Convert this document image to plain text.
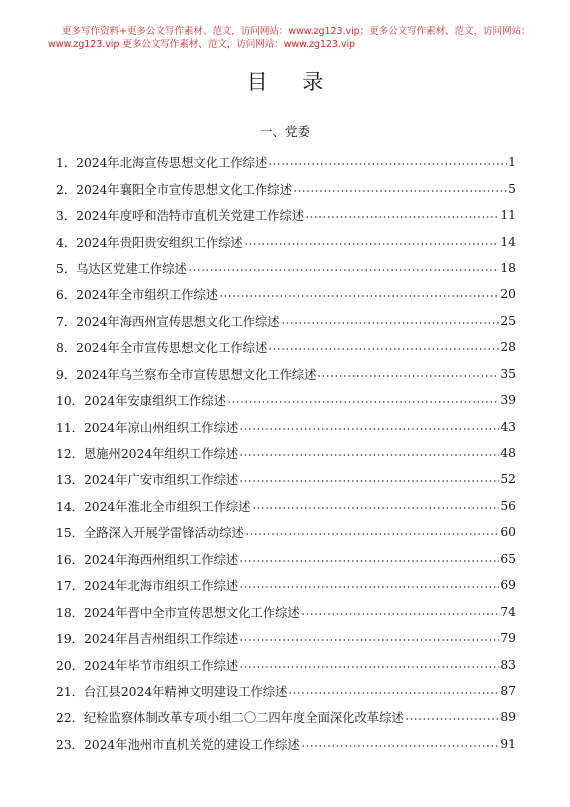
更多写作资料+更多公文写作素材、范文，访问网站：www.zg123.vip；更多公文写作素材、范文，访问网站：
www.zg123.vip 更多公文写作素材、范文，访问网站：www.zg123.vip
目 录
一、党委
1． 2024年北海宣传思想文化工作综述	1
2． 2024年襄阳全市宣传思想文化工作综述	5
3． 2024年度呼和浩特市直机关党建工作综述	11
4． 2024年贵阳贵安组织工作综述	14
5． 乌达区党建工作综述	18
6． 2024年全市组织工作综述	20
7． 2024年海西州宣传思想文化工作综述	25
8． 2024年全市宣传思想文化工作综述	28
9． 2024年乌兰察布全市宣传思想文化工作综述	35
10． 2024年安康组织工作综述	39
11． 2024年凉山州组织工作综述	43
12． 恩施州2024年组织工作综述	48
13． 2024年广安市组织工作综述	52
14． 2024年淮北全市组织工作综述	56
15． 全路深入开展学雷锋活动综述	60
16． 2024年海西州组织工作综述	65
17． 2024年北海市组织工作综述	69
18． 2024年晋中全市宣传思想文化工作综述	74
19． 2024年昌吉州组织工作综述	79
20． 2024年毕节市组织工作综述	83
21． 台江县2024年精神文明建设工作综述	87
22． 纪检监察体制改革专项小组二〇二四年度全面深化改革综述	89
23． 2024年池州市直机关党的建设工作综述	91
